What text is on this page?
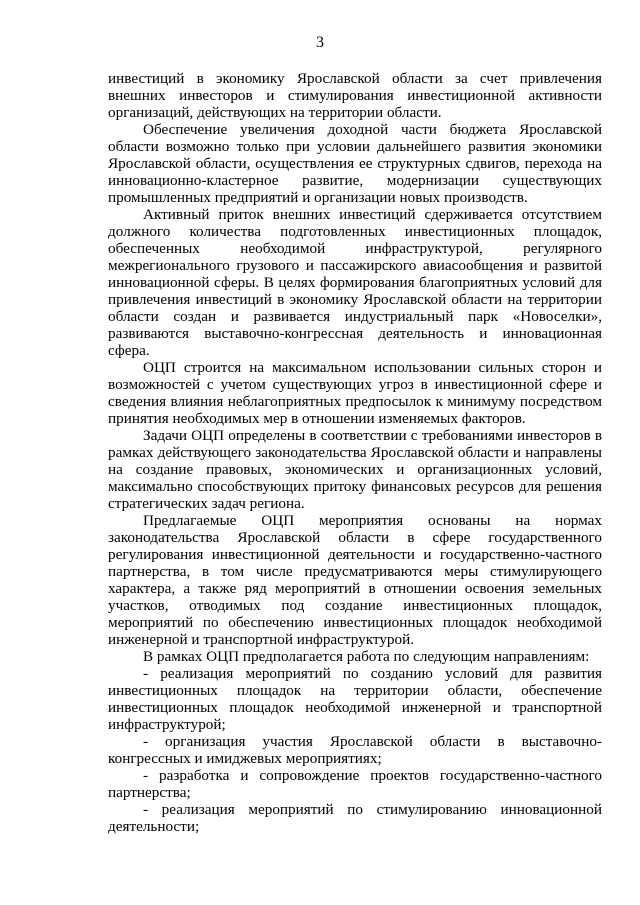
3

инвестиций в экономику Ярославской области за счет привлечения внешних инвесторов и стимулирования инвестиционной активности организаций, действующих на территории области.

Обеспечение увеличения доходной части бюджета Ярославской области возможно только при условии дальнейшего развития экономики Ярославской области, осуществления ее структурных сдвигов, перехода на инновационно-кластерное развитие, модернизации существующих промышленных предприятий и организации новых производств.

Активный приток внешних инвестиций сдерживается отсутствием должного количества подготовленных инвестиционных площадок, обеспеченных необходимой инфраструктурой, регулярного межрегионального грузового и пассажирского авиасообщения и развитой инновационной сферы. В целях формирования благоприятных условий для привлечения инвестиций в экономику Ярославской области на территории области создан и развивается индустриальный парк «Новоселки», развиваются выставочно-конгрессная деятельность и инновационная сфера.

ОЦП строится на максимальном использовании сильных сторон и возможностей с учетом существующих угроз в инвестиционной сфере и сведения влияния неблагоприятных предпосылок к минимуму посредством принятия необходимых мер в отношении изменяемых факторов.

Задачи ОЦП определены в соответствии с требованиями инвесторов в рамках действующего законодательства Ярославской области и направлены на создание правовых, экономических и организационных условий, максимально способствующих притоку финансовых ресурсов для решения стратегических задач региона.

Предлагаемые ОЦП мероприятия основаны на нормах законодательства Ярославской области в сфере государственного регулирования инвестиционной деятельности и государственно-частного партнерства, в том числе предусматриваются меры стимулирующего характера, а также ряд мероприятий в отношении освоения земельных участков, отводимых под создание инвестиционных площадок, мероприятий по обеспечению инвестиционных площадок необходимой инженерной и транспортной инфраструктурой.

В рамках ОЦП предполагается работа по следующим направлениям:

- реализация мероприятий по созданию условий для развития инвестиционных площадок на территории области, обеспечение инвестиционных площадок необходимой инженерной и транспортной инфраструктурой;

- организация участия Ярославской области в выставочно-конгрессных и имиджевых мероприятиях;

- разработка и сопровождение проектов государственно-частного партнерства;

- реализация мероприятий по стимулированию инновационной деятельности;
